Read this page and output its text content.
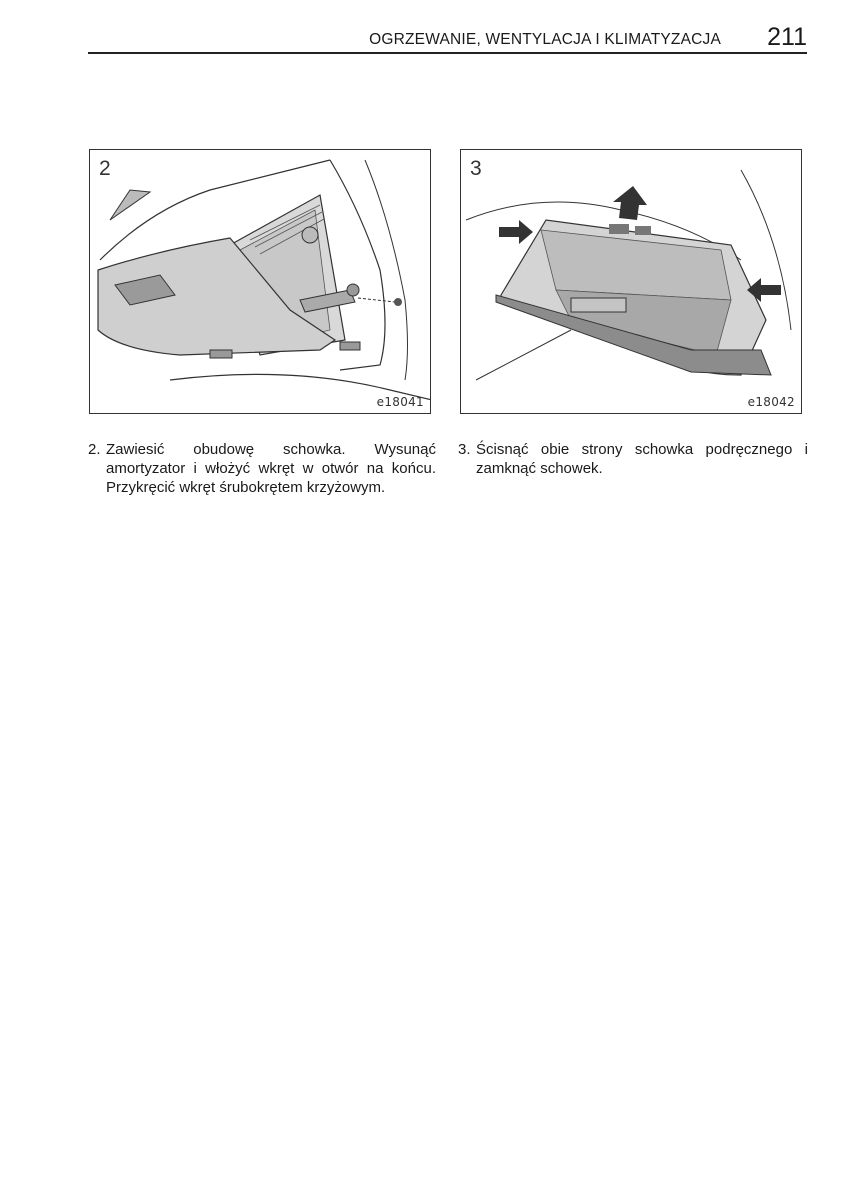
OGRZEWANIE, WENTYLACJA I KLIMATYZACJA 211
2
e18041
3
e18042
2. Zawiesić obudowę schowka. Wysunąć amortyzator i włożyć wkręt w otwór na końcu. Przykręcić wkręt śrubokrętem krzyżowym.
3. Ścisnąć obie strony schowka podręcznego i zamknąć schowek.
